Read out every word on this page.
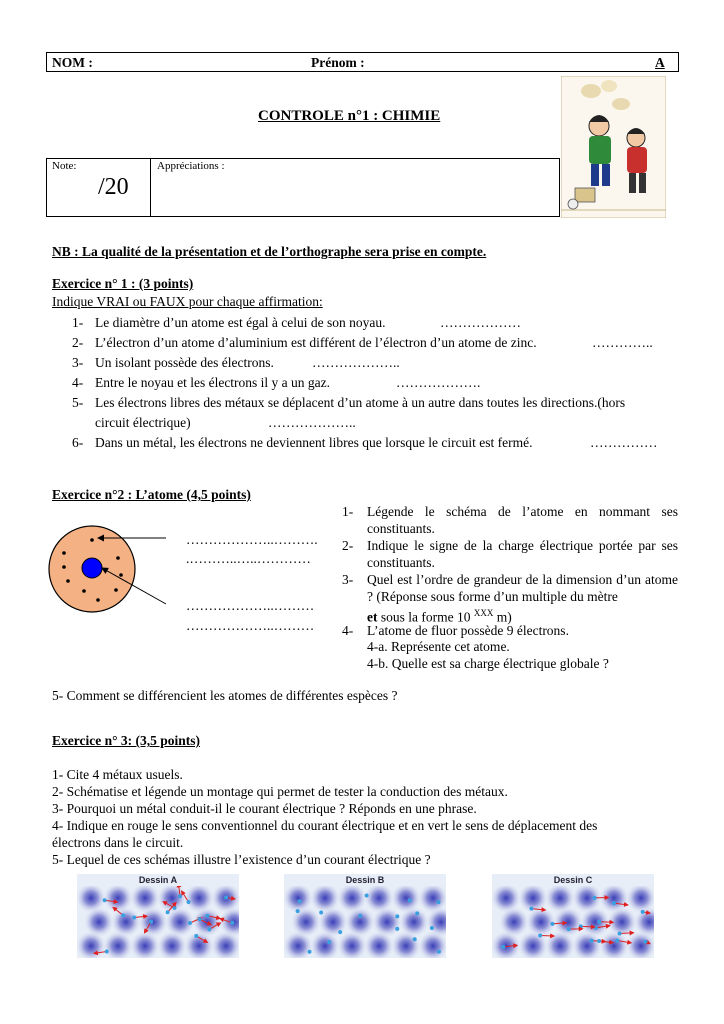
NOM :	Prénom :	A
CONTROLE n°1 : CHIMIE
Note:
/20
Appréciations :
NB : La qualité de la présentation et de l’orthographe sera prise en compte.
Exercice n° 1 : (3 points)
Indique VRAI ou FAUX pour chaque affirmation:
1- Le diamètre d’un atome est égal à celui de son noyau.	………………
2- L’électron d’un atome d’aluminium est différent de l’électron d’un atome de zinc.	…………..
3- Un isolant possède des électrons.	………………..
4- Entre le noyau et les électrons il y a un gaz.	……………….
5- Les électrons libres des métaux se déplacent d’un atome à un autre dans toutes les directions.(hors
circuit électrique)	………………..
6- Dans un métal, les électrons ne deviennent libres que lorsque le circuit est fermé.	……………
Exercice n°2 : L’atome (4,5 points)
………………..……….
.………..…..…………
………………..………
………………..………
1- Légende le schéma de l’atome en nommant ses constituants.
2- Indique le signe de la charge électrique portée par ses constituants.
3- Quel est l’ordre de grandeur de la dimension d’un atome ? (Réponse sous forme d’un multiple du mètre
et sous la forme 10 $^{XXX}$ m)
4- L’atome de fluor possède 9 électrons.
4-a. Représente cet atome.
4-b. Quelle est sa charge électrique globale ?
5- Comment se différencient les atomes de différentes espèces ?
Exercice n° 3: (3,5 points)
1- Cite 4 métaux usuels.
2- Schématise et légende un montage qui permet de tester la conduction des métaux.
3- Pourquoi un métal conduit-il le courant électrique ? Réponds en une phrase.
4- Indique en rouge le sens conventionnel du courant électrique et en vert le sens de déplacement des
électrons dans le circuit.
5- Lequel de ces schémas illustre l’existence d’un courant électrique ?
Dessin A	Dessin B	Dessin C
